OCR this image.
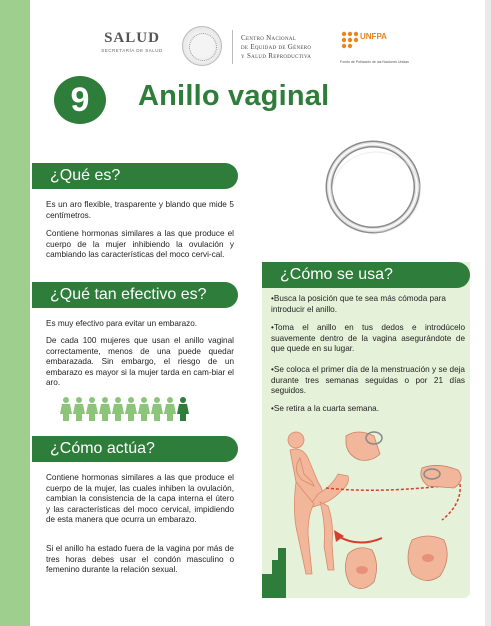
SALUD
SECRETARÍA DE SALUD
Centro Nacional
de Equidad de Género
y Salud Reproductiva
UNFPA
Fondo de Población de las Naciones Unidas
9	Anillo vaginal
¿Qué es?
Es un aro flexible, trasparente y blando que mide 5 centímetros.
Contiene hormonas similares a las que produce el cuerpo de la mujer inhibiendo la ovulación y cambiando las características del moco cervi-cal.
¿Qué tan efectivo es?
Es muy efectivo para evitar un embarazo.
De cada 100 mujeres que usan el anillo vaginal correctamente, menos de una puede quedar embarazada. Sin embargo, el riesgo de un embarazo es mayor si la mujer tarda en cam-biar el aro.
¿Cómo actúa?
Contiene hormonas similares a las que produce el cuerpo de la mujer, las cuales inhiben la ovulación, cambian la consistencia de la capa interna el útero y las características del moco cervical, impidiendo de esta manera que ocurra un embarazo.
Si el anillo ha estado fuera de la vagina por más de tres horas debes usar el condón masculino o femenino durante la relación sexual.
¿Cómo se usa?
•Busca la posición que te sea más cómoda para introducir el anillo.
•Toma el anillo en tus dedos e introdúcelo suavemente dentro de la vagina asegurándote de que quede en su lugar.
•Se coloca el primer día de la menstruación y se deja durante tres semanas seguidas o por 21 días seguidos.
•Se retira a la cuarta semana.
